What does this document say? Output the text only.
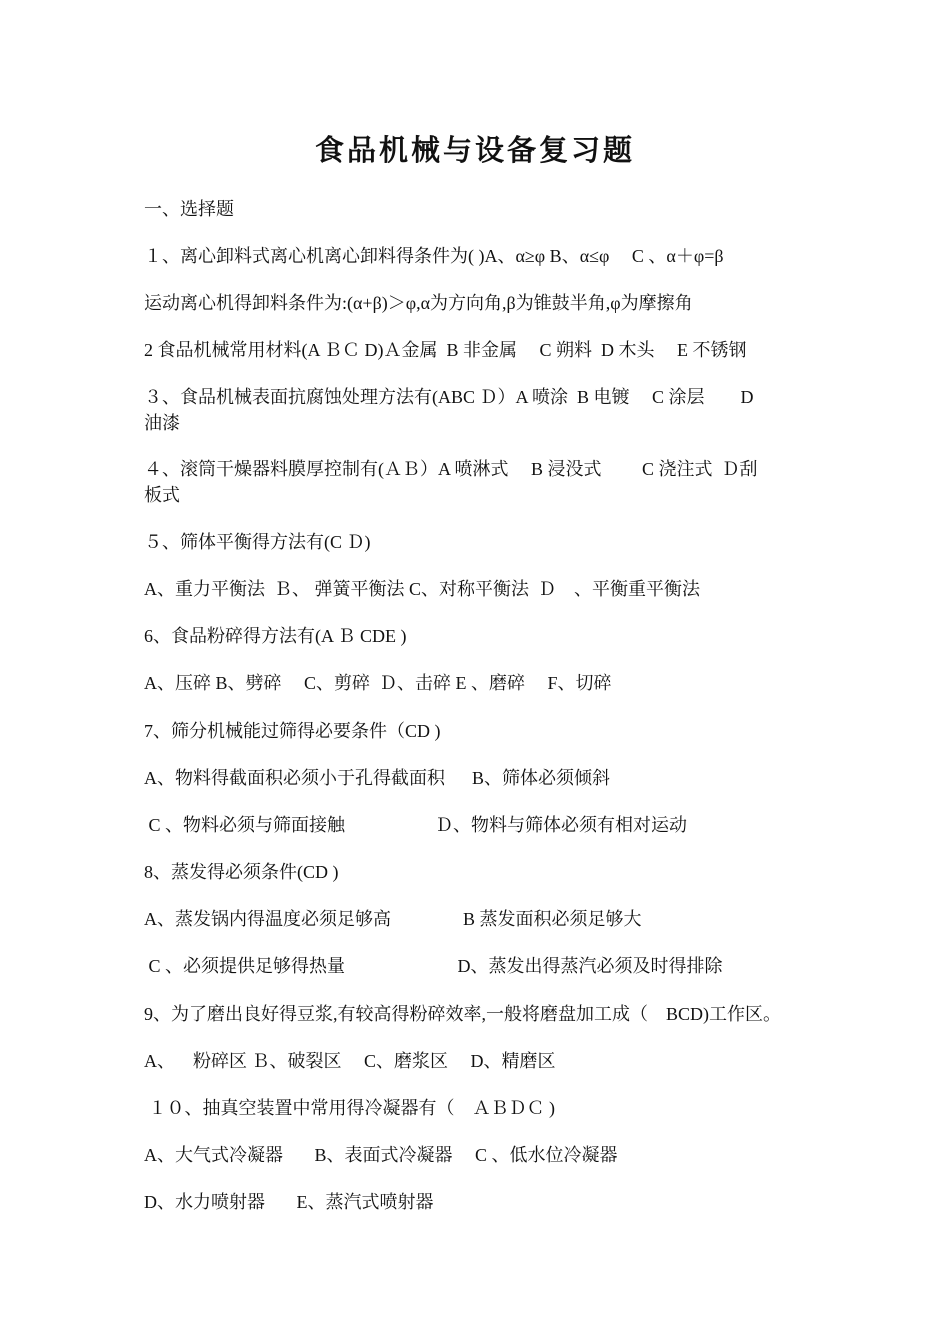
食品机械与设备复习题
一、选择题
１、离心卸料式离心机离心卸料得条件为( )A、α≥φ B、α≤φ　 C 、α＋φ=β
运动离心机得卸料条件为:(α+β)＞φ,α为方向角,β为锥鼓半角,φ为摩擦角
2 食品机械常用材料(A ＢＣ D)Ａ金属  B 非金属　 C 朔料  D 木头 　E 不锈钢
３、食品机械表面抗腐蚀处理方法有(ABC Ｄ）A 喷涂  B 电镀　 C 涂层 　   D
油漆
４、滚筒干燥器料膜厚控制有(ＡＢ）A 喷淋式 　B 浸没式　　 C 浇注式  Ｄ刮
板式
５、筛体平衡得方法有(C Ｄ)
A、重力平衡法  Ｂ、 弹簧平衡法 C、对称平衡法  Ｄ　、平衡重平衡法
6、食品粉碎得方法有(A Ｂ CDE )
A、压碎 B、劈碎　 C、剪碎  Ｄ、击碎 E 、磨碎 　F、切碎
7、筛分机械能过筛得必要条件（CD )
A、物料得截面积必须小于孔得截面积　  B、筛体必须倾斜
C 、物料必须与筛面接触                    Ｄ、物料与筛体必须有相对运动
8、蒸发得必须条件(CD )
A、蒸发锅内得温度必须足够高 　           B 蒸发面积必须足够大
C 、必须提供足够得热量 　                    D、蒸发出得蒸汽必须及时得排除
9、为了磨出良好得豆浆,有较高得粉碎效率,一般将磨盘加工成（　BCD)工作区。
A、    粉碎区 Ｂ、破裂区 　C、磨浆区 　D、精磨区
１０、抽真空装置中常用得冷凝器有（　ＡＢＤＣ )
A、大气式冷凝器 　  B、表面式冷凝器 　C 、低水位冷凝器
D、水力喷射器 　  E、蒸汽式喷射器
